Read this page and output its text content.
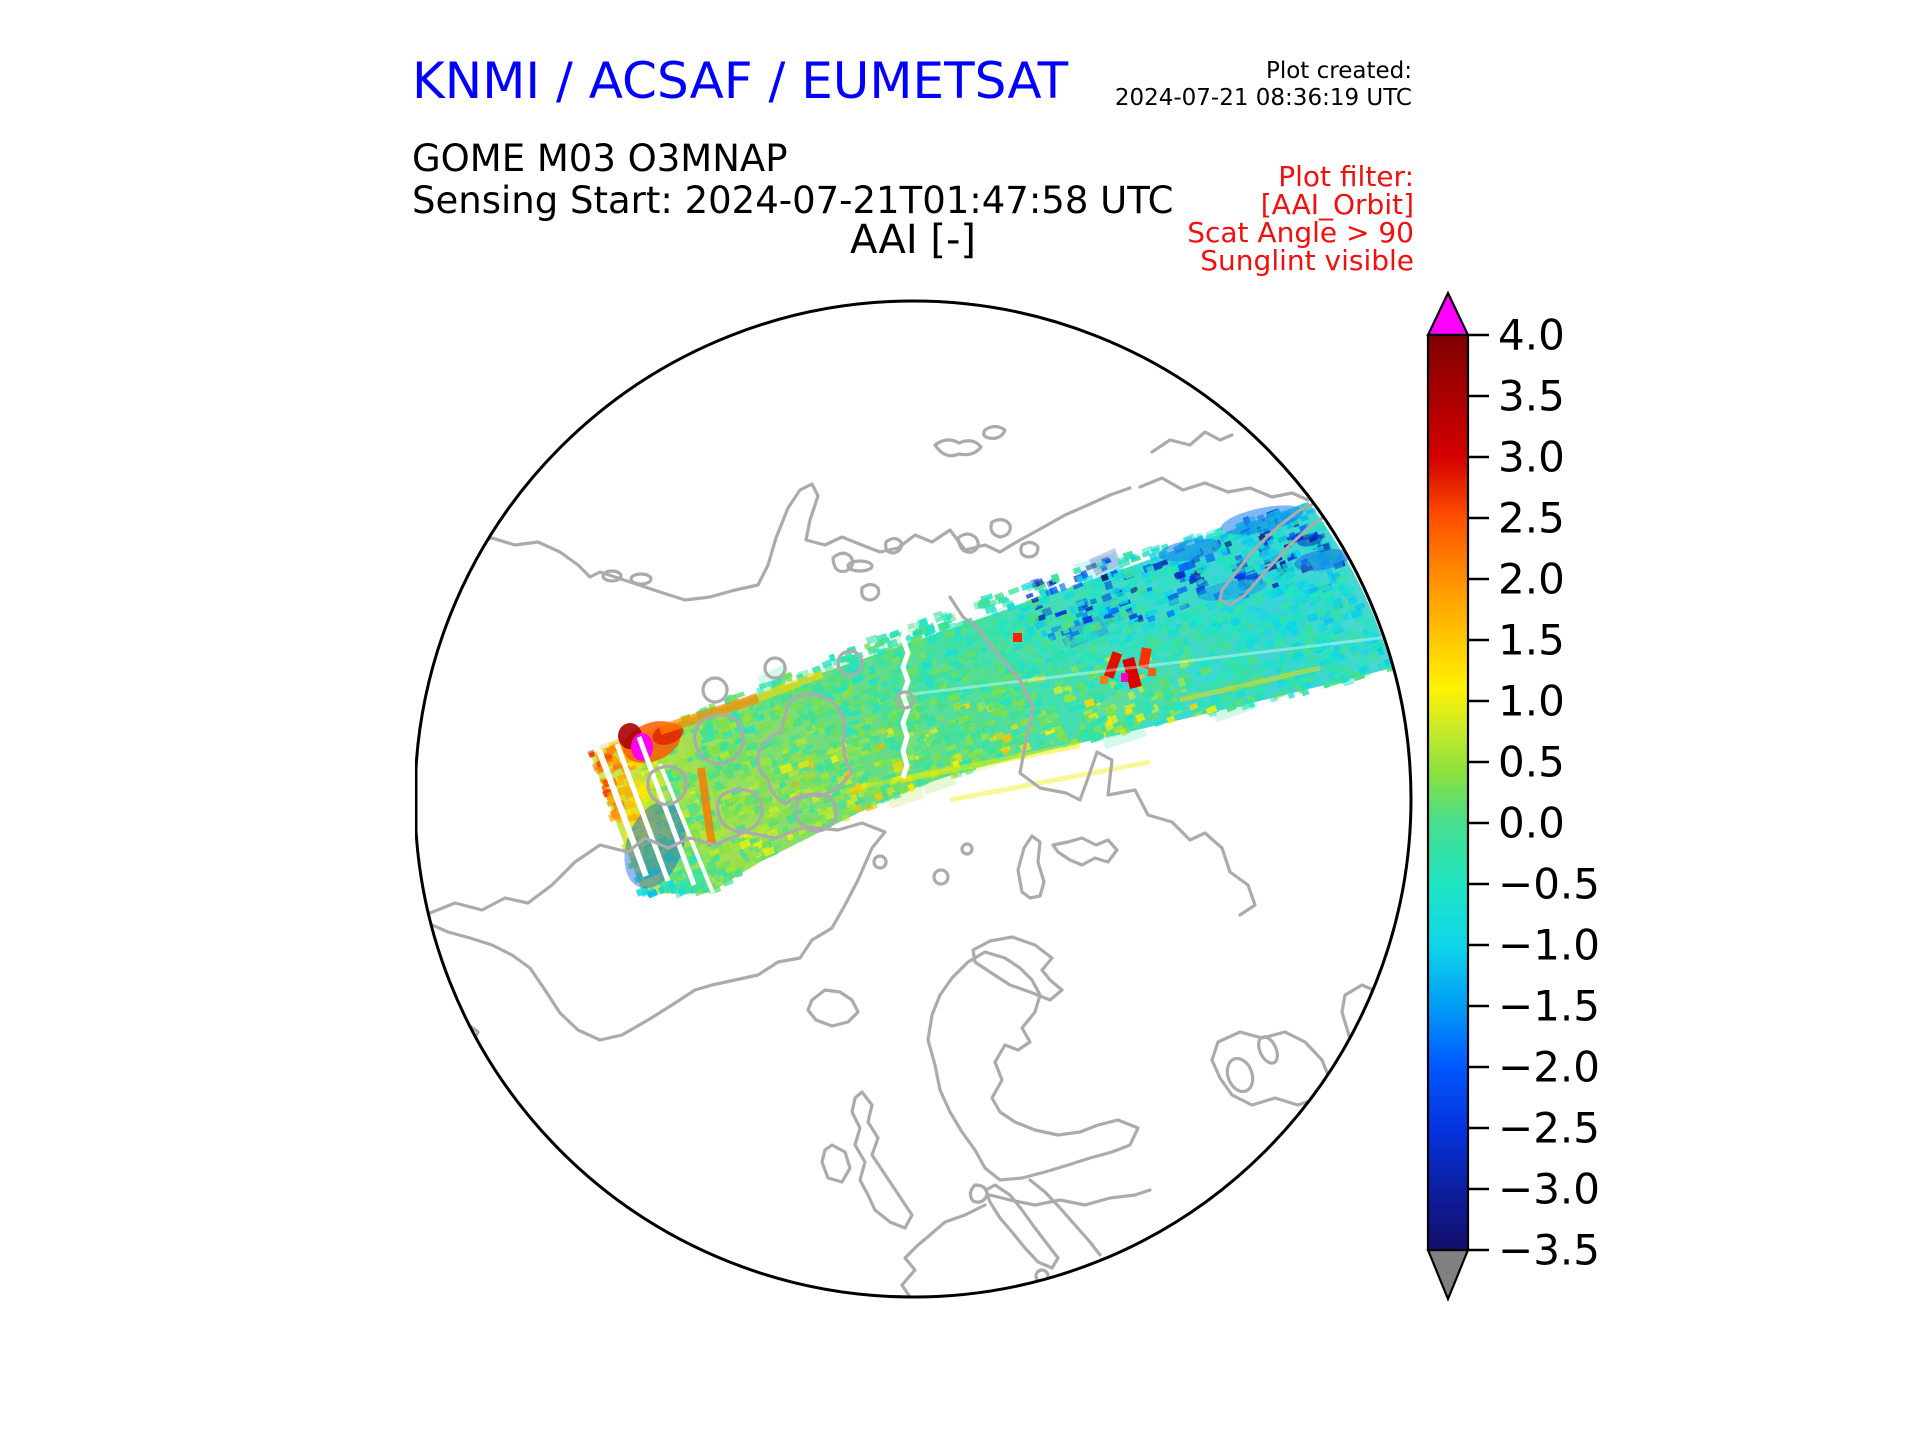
KNMI / ACSAF / EUMETSAT
GOME M03 O3MNAP
Sensing Start: 2024-07-21T01:47:58 UTC
AAI [-]
Plot created:
2024-07-21 08:36:19 UTC
Plot filter:
[AAI_Orbit]
Scat Angle > 90
Sunglint visible
4.0
3.5
3.0
2.5
2.0
1.5
1.0
0.5
0.0
−0.5
−1.0
−1.5
−2.0
−2.5
−3.0
−3.5
